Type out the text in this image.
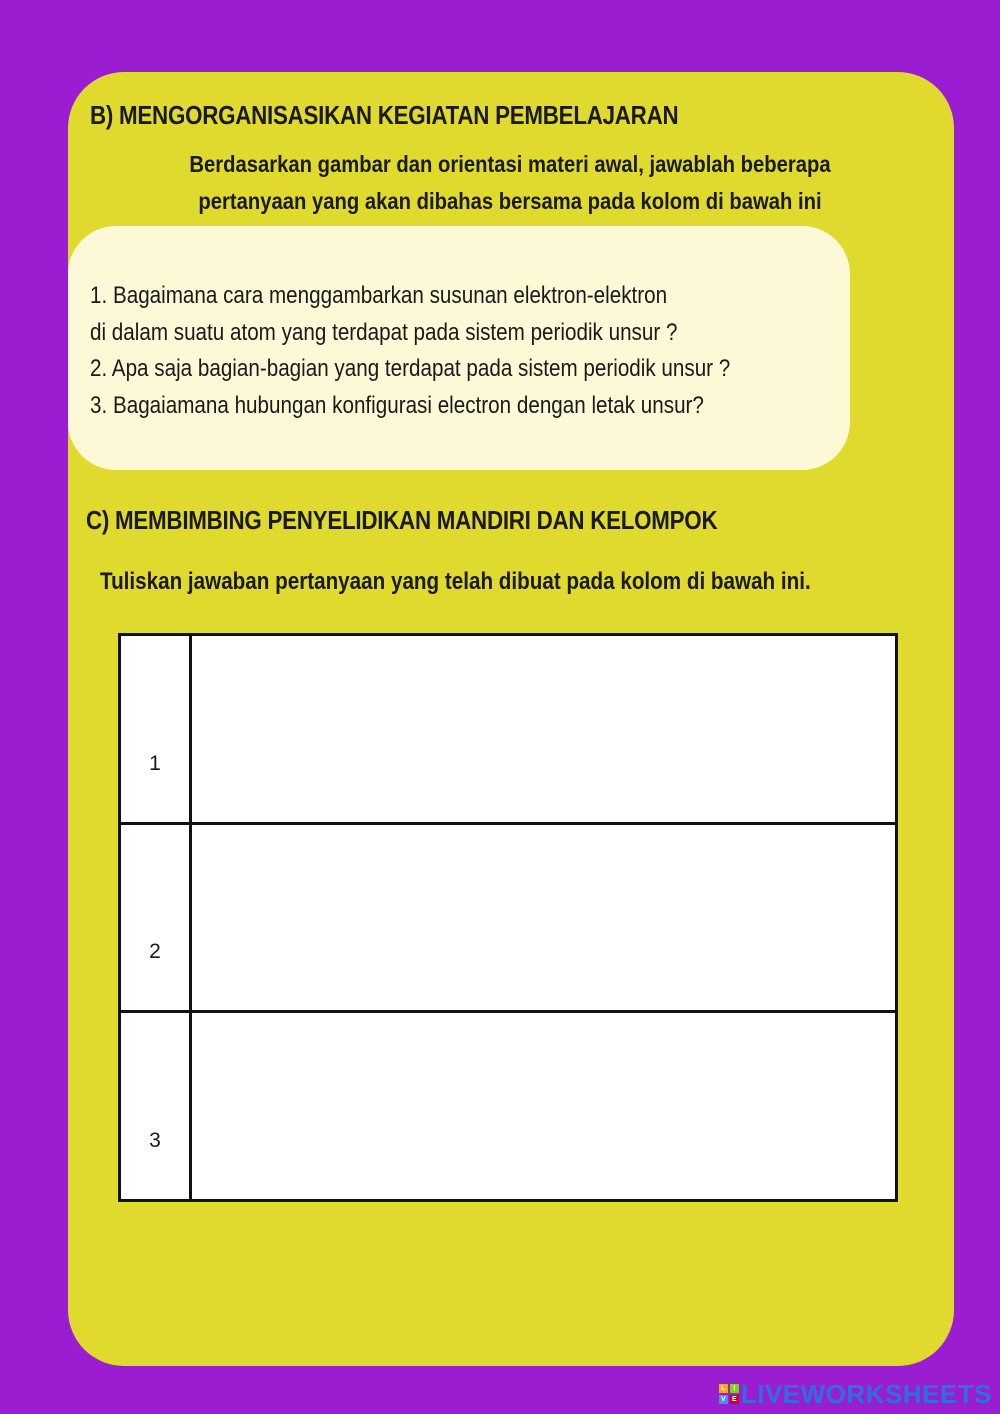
B) MENGORGANISASIKAN KEGIATAN PEMBELAJARAN
Berdasarkan gambar dan orientasi materi awal, jawablah beberapa
pertanyaan yang akan dibahas bersama pada kolom di bawah ini
1. Bagaimana cara menggambarkan susunan elektron-elektron
di dalam suatu atom yang terdapat pada sistem periodik unsur ?
2. Apa saja bagian-bagian yang terdapat pada sistem periodik unsur ?
3. Bagaiamana hubungan konfigurasi electron dengan letak unsur?
C) MEMBIMBING PENYELIDIKAN MANDIRI DAN KELOMPOK

Tuliskan jawaban pertanyaan yang telah dibuat pada kolom di bawah ini.

1	
2	
3	
L	I
V E LIVEWORKSHEETS
